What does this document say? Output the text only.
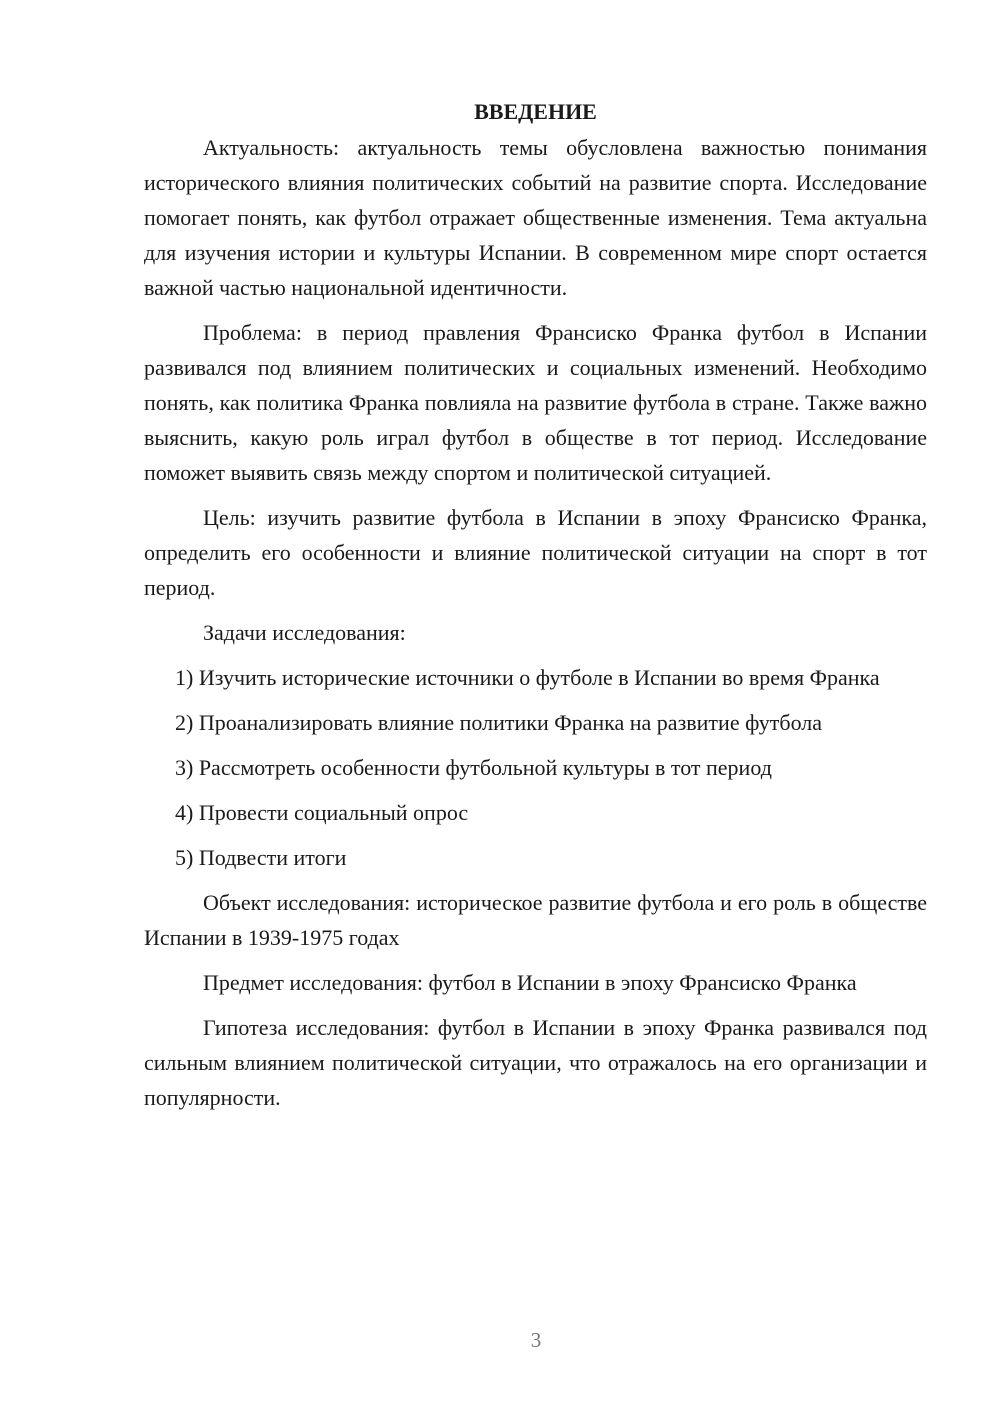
ВВЕДЕНИЕ

Актуальность: актуальность темы обусловлена важностью понимания исторического влияния политических событий на развитие спорта. Исследование помогает понять, как футбол отражает общественные изменения. Тема актуальна для изучения истории и культуры Испании. В современном мире спорт остается важной частью национальной идентичности.

Проблема: в период правления Франсиско Франка футбол в Испании развивался под влиянием политических и социальных изменений. Необходимо понять, как политика Франка повлияла на развитие футбола в стране. Также важно выяснить, какую роль играл футбол в обществе в тот период. Исследование поможет выявить связь между спортом и политической ситуацией.

Цель: изучить развитие футбола в Испании в эпоху Франсиско Франка, определить его особенности и влияние политической ситуации на спорт в тот период.

Задачи исследования:

1) Изучить исторические источники о футболе в Испании во время Франка

2) Проанализировать влияние политики Франка на развитие футбола

3) Рассмотреть особенности футбольной культуры в тот период

4) Провести социальный опрос

5) Подвести итоги

Объект исследования: историческое развитие футбола и его роль в обществе Испании в 1939-1975 годах

Предмет исследования: футбол в Испании в эпоху Франсиско Франка

Гипотеза исследования: футбол в Испании в эпоху Франка развивался под сильным влиянием политической ситуации, что отражалось на его организации и популярности.

3
